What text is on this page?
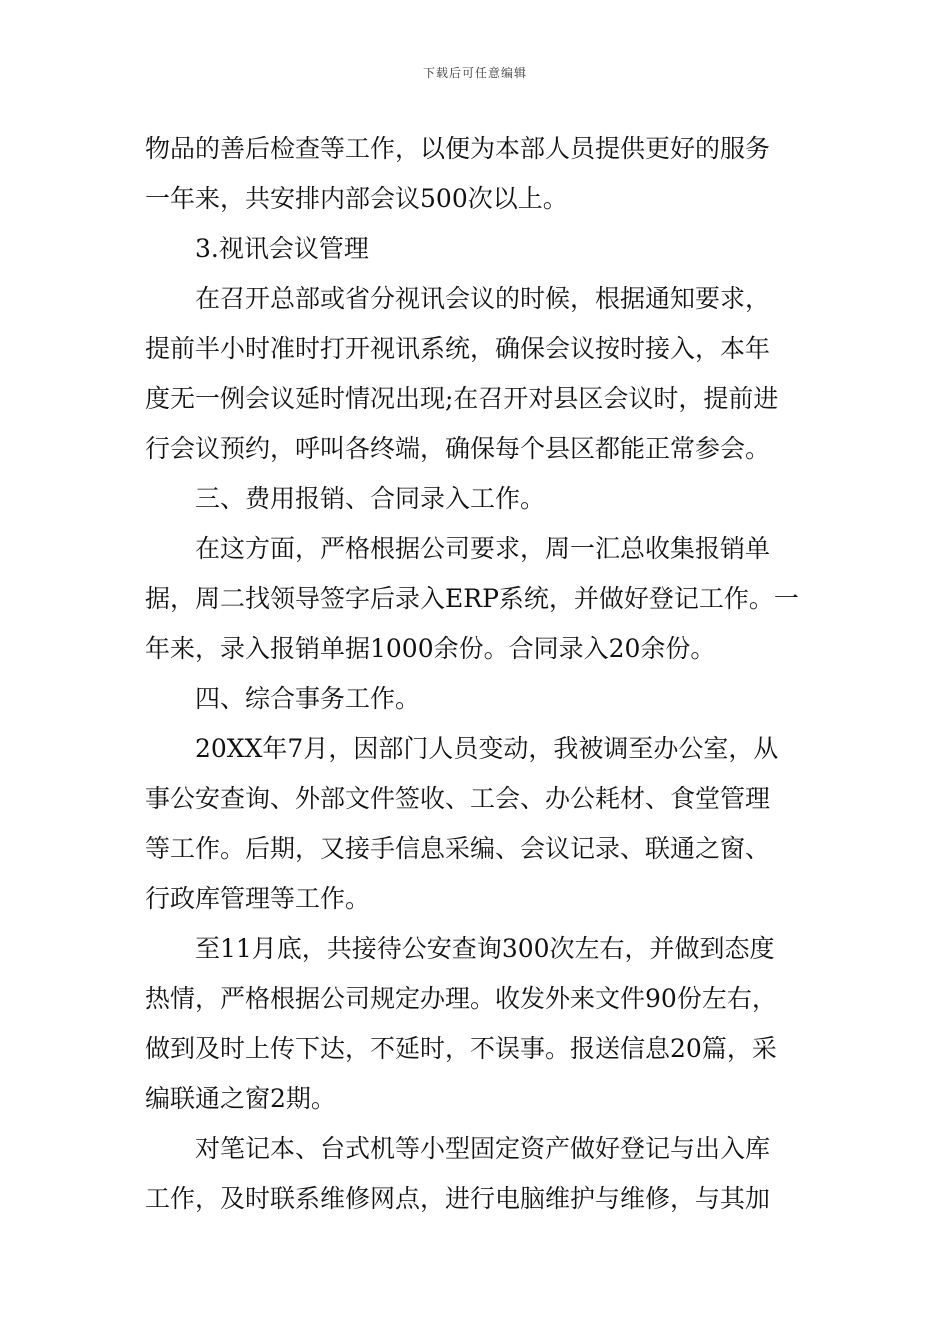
下载后可任意编辑
物品的善后检查等工作，以便为本部人员提供更好的服务
一年来，共安排内部会议500次以上。
3.视讯会议管理
在召开总部或省分视讯会议的时候，根据通知要求，
提前半小时准时打开视讯系统，确保会议按时接入，本年
度无一例会议延时情况出现;在召开对县区会议时，提前进
行会议预约，呼叫各终端，确保每个县区都能正常参会。
三、费用报销、合同录入工作。
在这方面，严格根据公司要求，周一汇总收集报销单
据，周二找领导签字后录入ERP系统，并做好登记工作。一
年来，录入报销单据1000余份。合同录入20余份。
四、综合事务工作。
20XX年7月，因部门人员变动，我被调至办公室，从
事公安查询、外部文件签收、工会、办公耗材、食堂管理
等工作。后期，又接手信息采编、会议记录、联通之窗、
行政库管理等工作。
至11月底，共接待公安查询300次左右，并做到态度
热情，严格根据公司规定办理。收发外来文件90份左右，
做到及时上传下达，不延时，不误事。报送信息20篇，采
编联通之窗2期。
对笔记本、台式机等小型固定资产做好登记与出入库
工作，及时联系维修网点，进行电脑维护与维修，与其加
